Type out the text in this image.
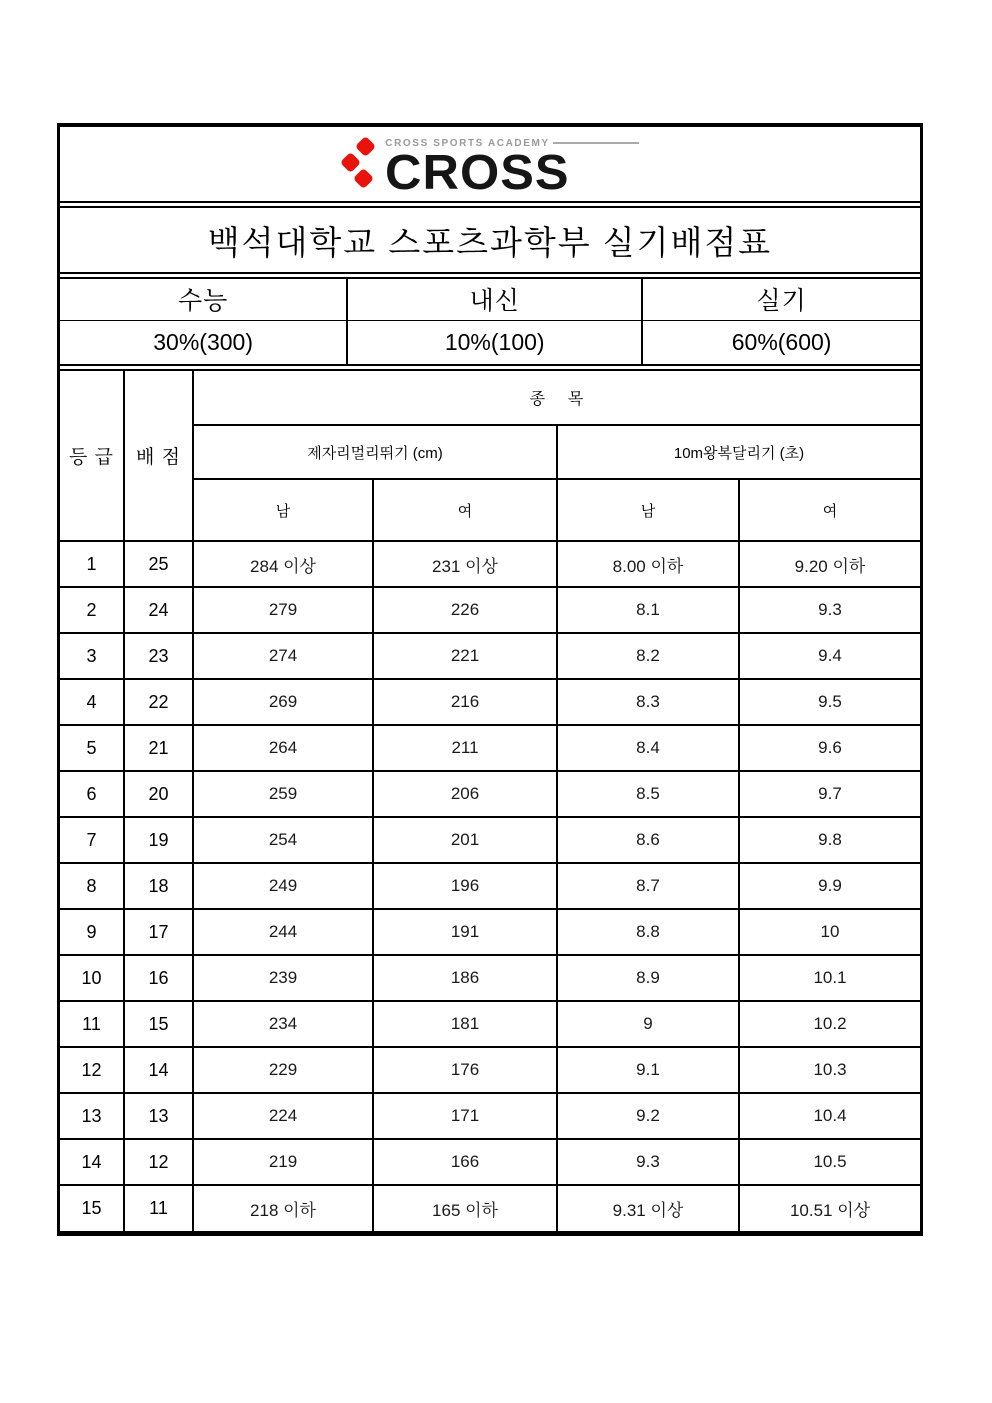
CROSS SPORTS ACADEMY
CROSS
백석대학교 스포츠과학부 실기배점표
수능	내신	실기
30%(300)	10%(100)	60%(600)
등 급	배 점	종    목			
		제자리멀리뛰기 (cm)		10m왕복달리기 (초)	
		남	여	남	여
1	25	284 이상	231 이상	8.00 이하	9.20 이하
2	24	279	226	8.1	9.3
3	23	274	221	8.2	9.4
4	22	269	216	8.3	9.5
5	21	264	211	8.4	9.6
6	20	259	206	8.5	9.7
7	19	254	201	8.6	9.8
8	18	249	196	8.7	9.9
9	17	244	191	8.8	10
10	16	239	186	8.9	10.1
11	15	234	181	9	10.2
12	14	229	176	9.1	10.3
13	13	224	171	9.2	10.4
14	12	219	166	9.3	10.5
15	11	218 이하	165 이하	9.31 이상	10.51 이상
